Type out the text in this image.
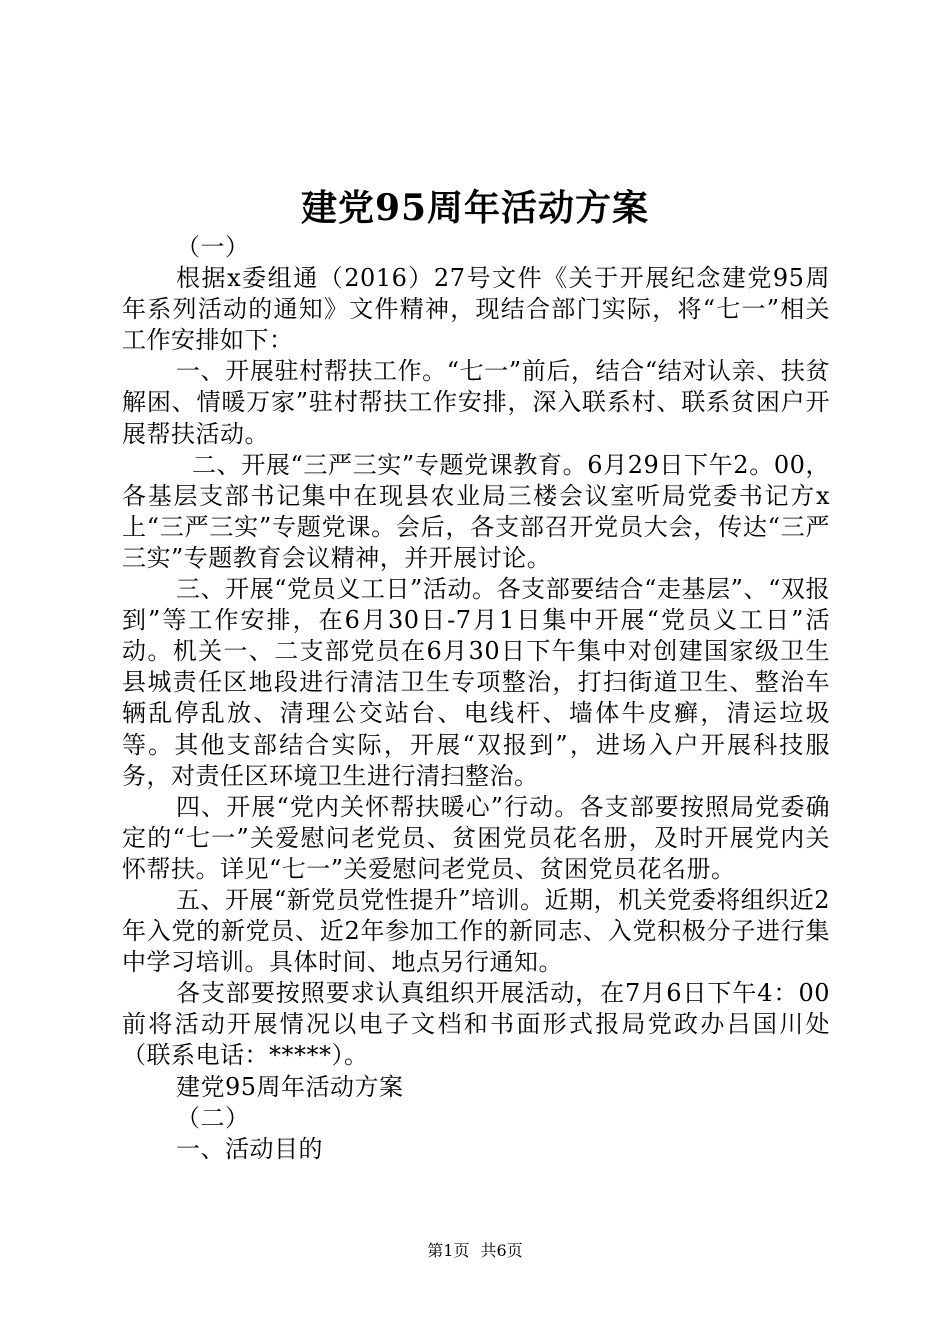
建党95周年活动方案

（一）

根据x委组通（2016）27号文件《关于开展纪念建党95周年系列活动的通知》文件精神，现结合部门实际，将“七一”相关工作安排如下：

一、开展驻村帮扶工作。“七一”前后，结合“结对认亲、扶贫解困、情暖万家”驻村帮扶工作安排，深入联系村、联系贫困户开展帮扶活动。

二、开展“三严三实”专题党课教育。6月29日下午2。00，各基层支部书记集中在现县农业局三楼会议室听局党委书记方x上“三严三实”专题党课。会后，各支部召开党员大会，传达“三严三实”专题教育会议精神，并开展讨论。

三、开展“党员义工日”活动。各支部要结合“走基层”、“双报到”等工作安排，在6月30日-7月1日集中开展“党员义工日”活动。机关一、二支部党员在6月30日下午集中对创建国家级卫生县城责任区地段进行清洁卫生专项整治，打扫街道卫生、整治车辆乱停乱放、清理公交站台、电线杆、墙体牛皮癣，清运垃圾等。其他支部结合实际，开展“双报到”，进场入户开展科技服务，对责任区环境卫生进行清扫整治。

四、开展“党内关怀帮扶暖心”行动。各支部要按照局党委确定的“七一”关爱慰问老党员、贫困党员花名册，及时开展党内关怀帮扶。详见“七一”关爱慰问老党员、贫困党员花名册。

五、开展“新党员党性提升”培训。近期，机关党委将组织近2年入党的新党员、近2年参加工作的新同志、入党积极分子进行集中学习培训。具体时间、地点另行通知。

各支部要按照要求认真组织开展活动，在7月6日下午4：00前将活动开展情况以电子文档和书面形式报局党政办吕国川处（联系电话：*****）。

建党95周年活动方案

（二）

一、活动目的

第1页 共6页
